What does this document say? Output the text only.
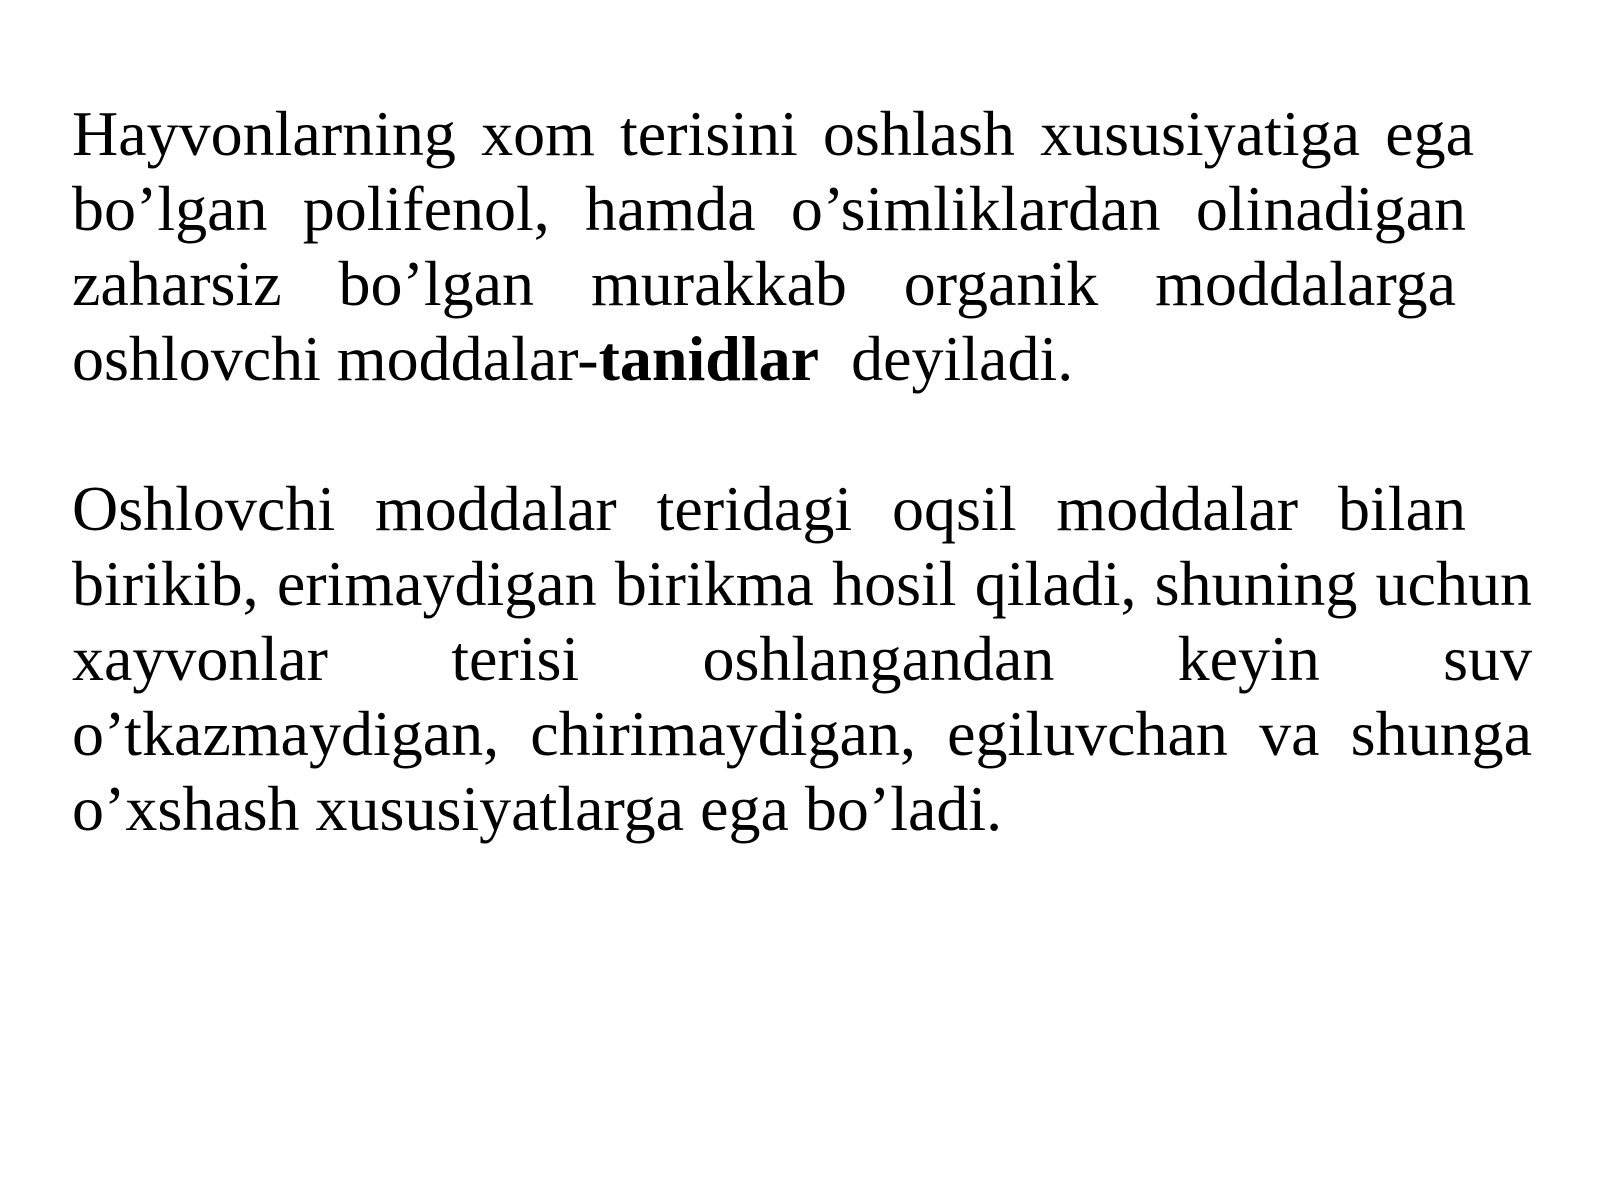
Hayvonlarning xom terisini oshlash xususiyatiga ega
bo’lgan polifenol, hamda o’simliklardan olinadigan
zaharsiz bo’lgan murakkab organik moddalarga
oshlovchi moddalar-tanidlar  deyiladi.
Oshlovchi moddalar teridagi oqsil moddalar bilan
birikib, erimaydigan birikma hosil qiladi, shuning uchun
xayvonlar terisi oshlangandan keyin suv
o’tkazmaydigan, chirimaydigan, egiluvchan va shunga
o’xshash xususiyatlarga ega bo’ladi.
